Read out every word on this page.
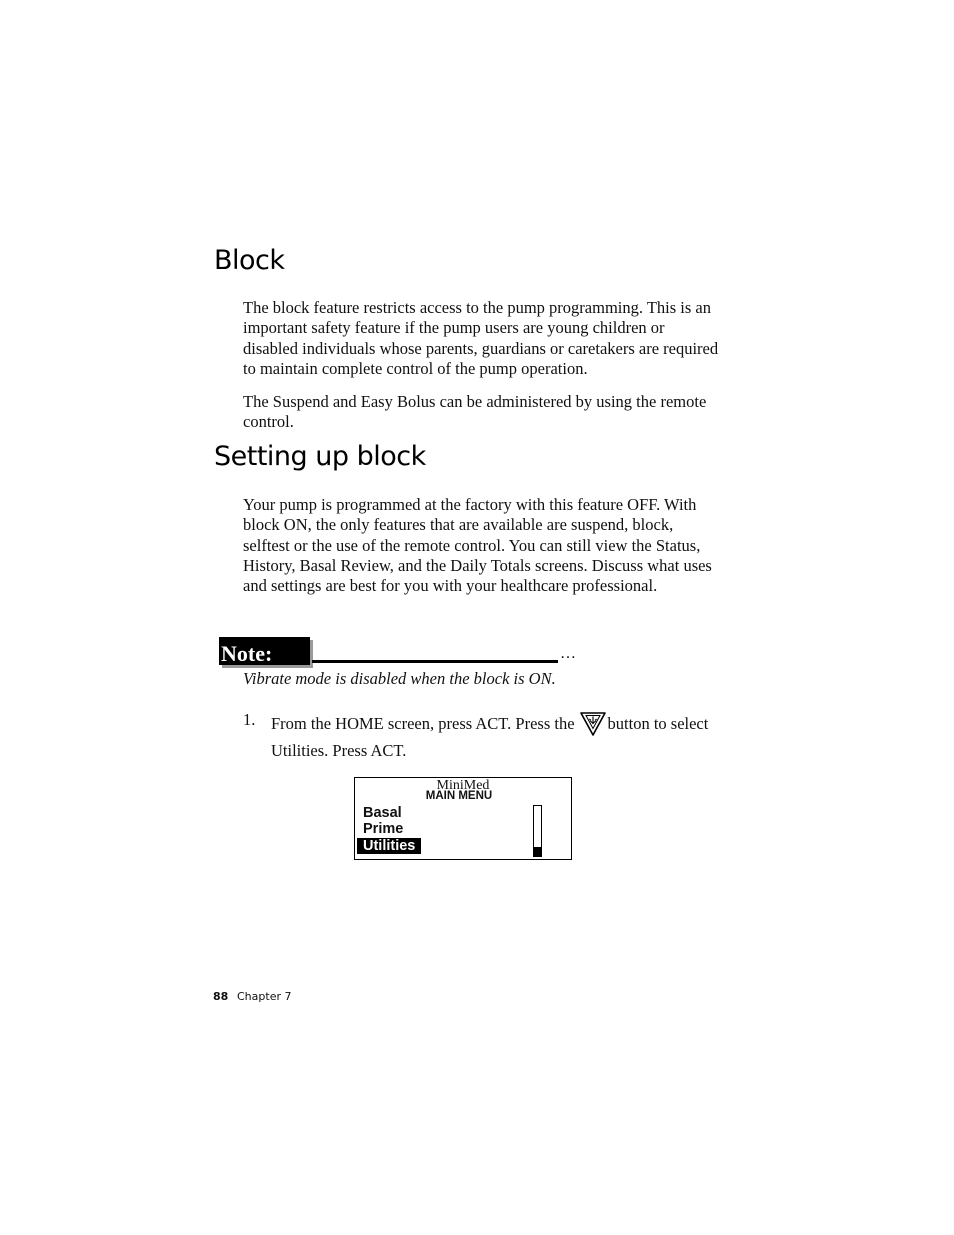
Block

The block feature restricts access to the pump programming. This is an important safety feature if the pump users are young children or disabled individuals whose parents, guardians or caretakers are required to maintain complete control of the pump operation.

The Suspend and Easy Bolus can be administered by using the remote control.

Setting up block

Your pump is programmed at the factory with this feature OFF. With block ON, the only features that are available are suspend, block, selftest or the use of the remote control. You can still view the Status, History, Basal Review, and the Daily Totals screens. Discuss what uses and settings are best for you with your healthcare professional.

Note:	…

Vibrate mode is disabled when the block is ON.

1. From the HOME screen, press ACT. Press the button to select Utilities. Press ACT.

MiniMed
MAIN MENU
Basal
Prime
Utilities
88 Chapter 7
